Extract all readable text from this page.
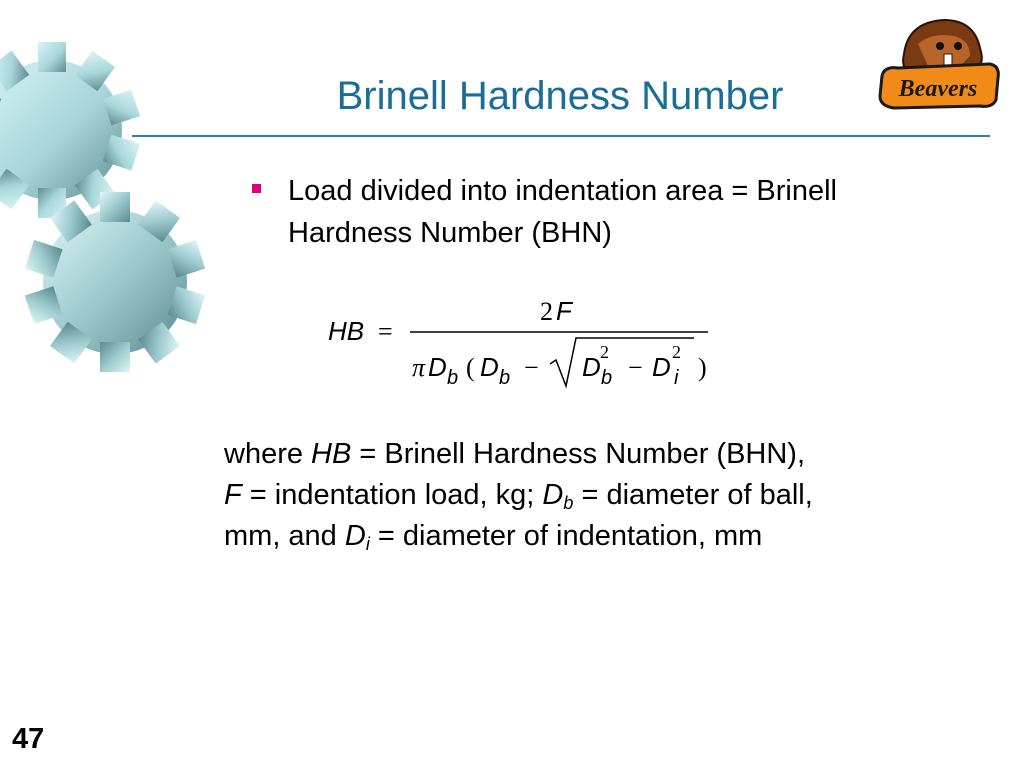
Beavers
Brinell Hardness Number
Load divided into indentation area = Brinell Hardness Number (BHN)
HB =
2 F
π D b ( D b − D 2
b − D 2
i )
where HB = Brinell Hardness Number (BHN),
F = indentation load, kg; $D_b$ = diameter of ball,
mm, and $D_i$ = diameter of indentation, mm
47
